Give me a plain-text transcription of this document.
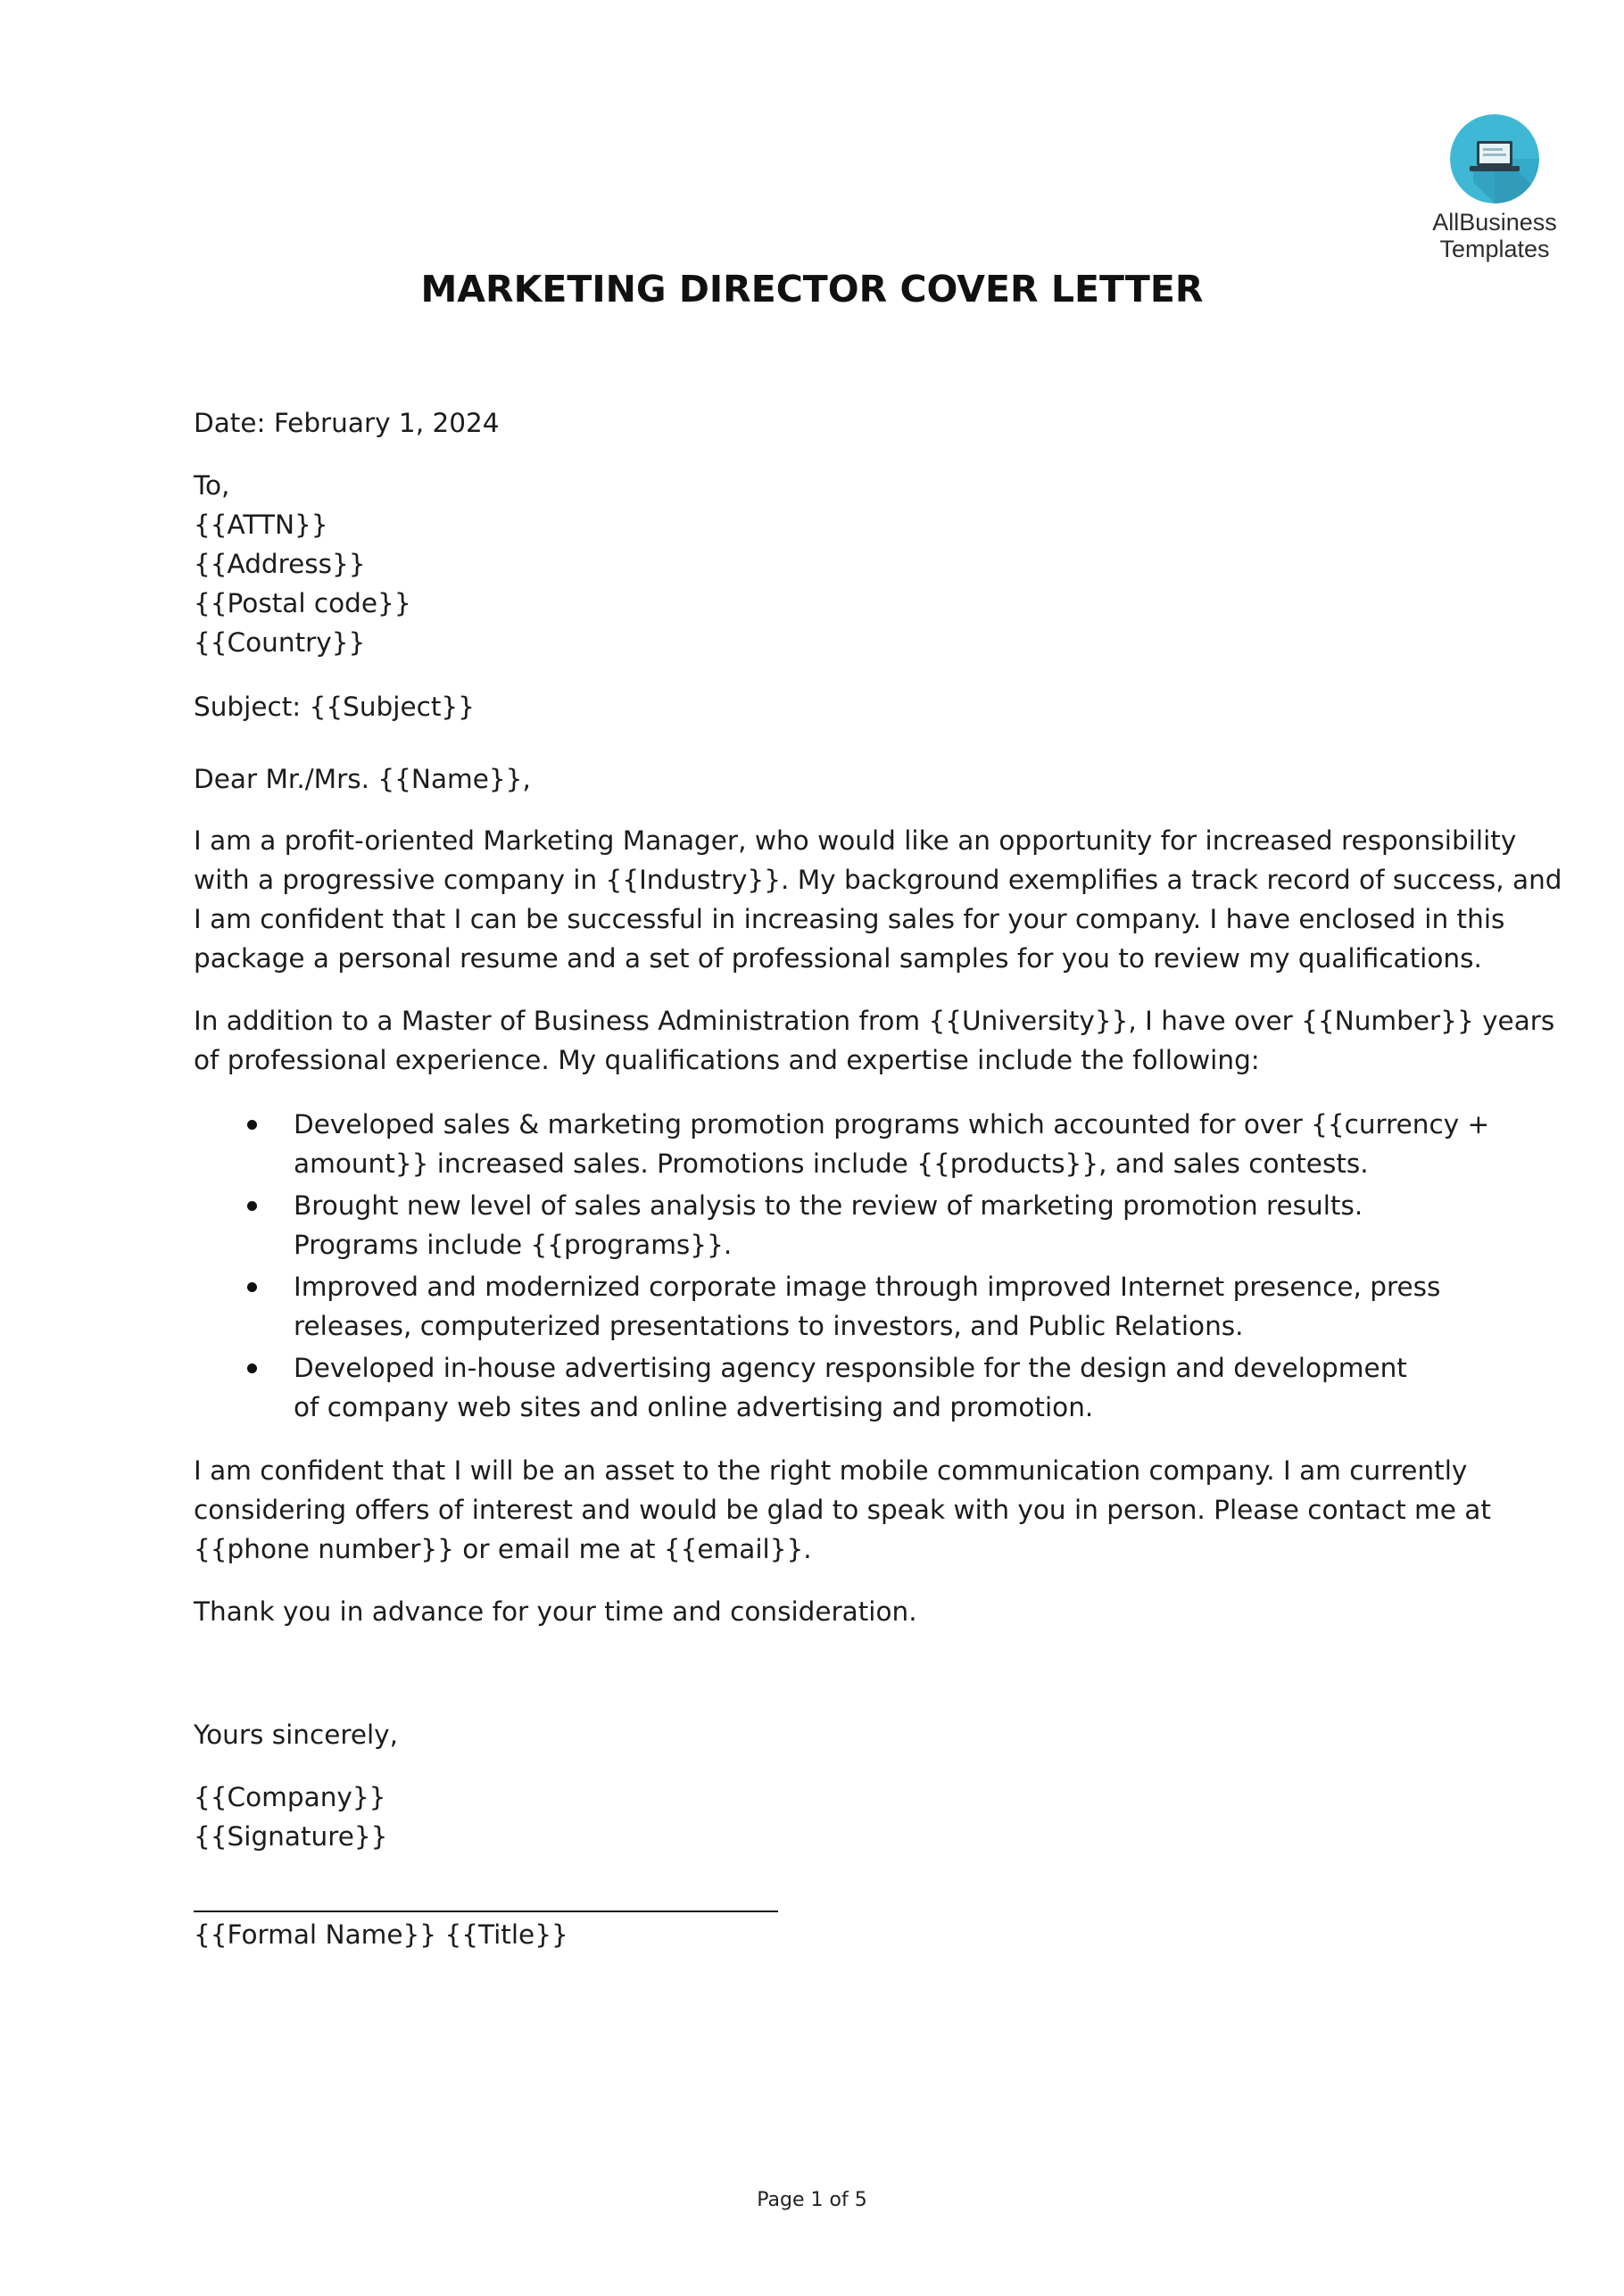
AllBusiness
Templates
MARKETING DIRECTOR COVER LETTER
Date: February 1, 2024
To,
{{ATTN}}
{{Address}}
{{Postal code}}
{{Country}}
Subject: {{Subject}}
Dear Mr./Mrs. {{Name}},
I am a profit-oriented Marketing Manager, who would like an opportunity for increased responsibility
with a progressive company in {{Industry}}. My background exemplifies a track record of success, and
I am confident that I can be successful in increasing sales for your company. I have enclosed in this
package a personal resume and a set of professional samples for you to review my qualifications.
In addition to a Master of Business Administration from {{University}}, I have over {{Number}} years
of professional experience. My qualifications and expertise include the following:
Developed sales & marketing promotion programs which accounted for over {{currency +
amount}} increased sales. Promotions include {{products}}, and sales contests.
Brought new level of sales analysis to the review of marketing promotion results.
Programs include {{programs}}.
Improved and modernized corporate image through improved Internet presence, press
releases, computerized presentations to investors, and Public Relations.
Developed in-house advertising agency responsible for the design and development
of company web sites and online advertising and promotion.
I am confident that I will be an asset to the right mobile communication company. I am currently
considering offers of interest and would be glad to speak with you in person. Please contact me at
{{phone number}} or email me at {{email}}.
Thank you in advance for your time and consideration.
Yours sincerely,
{{Company}}
{{Signature}}
{{Formal Name}} {{Title}}
Page 1 of 5
